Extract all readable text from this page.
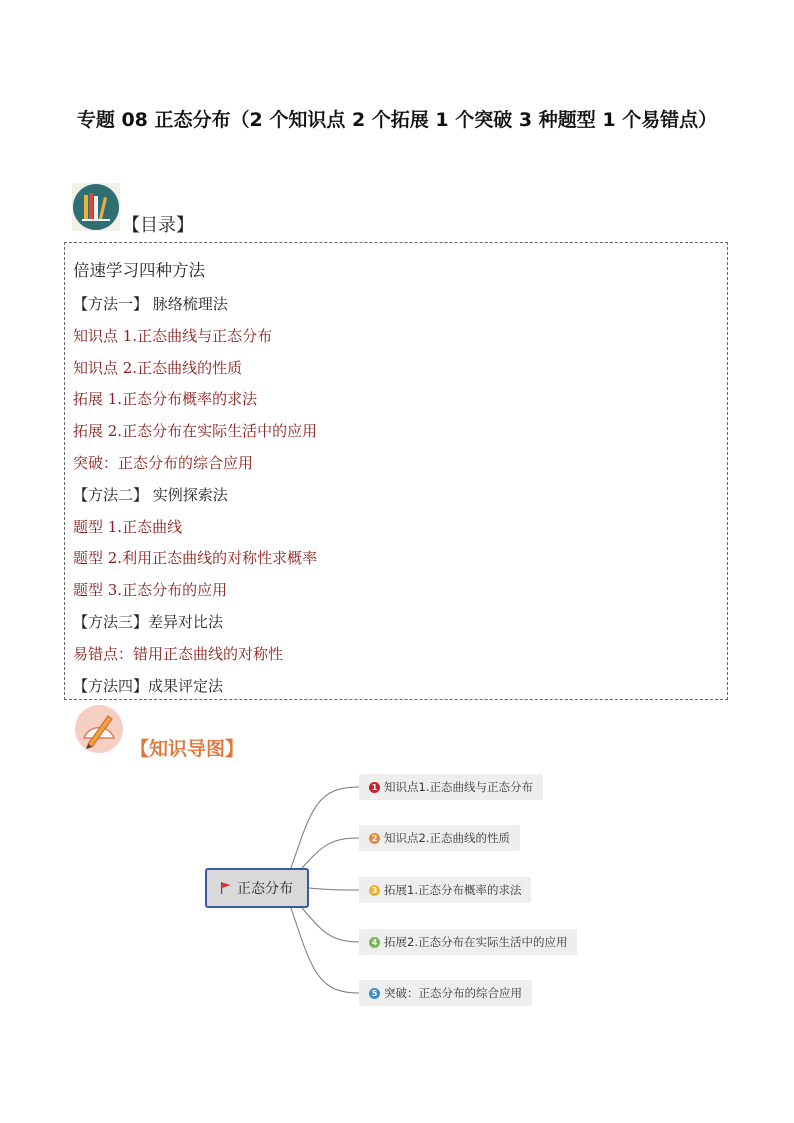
专题 08 正态分布（2 个知识点 2 个拓展 1 个突破 3 种题型 1 个易错点）
【目录】
倍速学习四种方法
【方法一】 脉络梳理法
知识点 1.正态曲线与正态分布
知识点 2.正态曲线的性质
拓展 1.正态分布概率的求法
拓展 2.正态分布在实际生活中的应用
突破：正态分布的综合应用
【方法二】 实例探索法
题型 1.正态曲线
题型 2.利用正态曲线的对称性求概率
题型 3.正态分布的应用
【方法三】差异对比法
易错点：错用正态曲线的对称性
【方法四】成果评定法
【知识导图】
正态分布
1 知识点1.正态曲线与正态分布
2 知识点2.正态曲线的性质
3 拓展1.正态分布概率的求法
4 拓展2.正态分布在实际生活中的应用
5 突破：正态分布的综合应用
